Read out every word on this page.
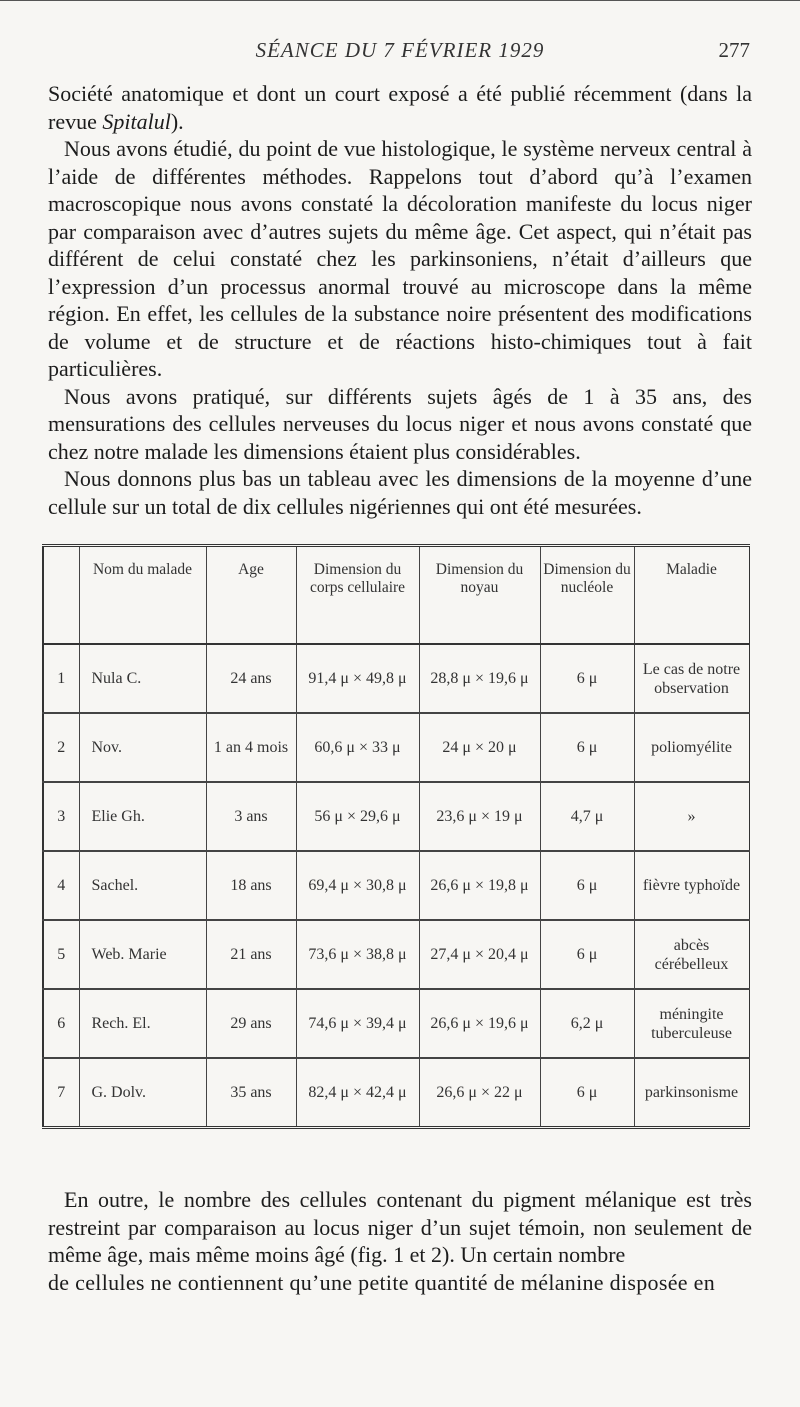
SÉANCE DU 7 FÉVRIER 1929	277

Société anatomique et dont un court exposé a été publié récemment (dans la revue Spitalul).

Nous avons étudié, du point de vue histologique, le système nerveux central à l’aide de différentes méthodes. Rappelons tout d’abord qu’à l’examen macroscopique nous avons constaté la décoloration manifeste du locus niger par comparaison avec d’autres sujets du même âge. Cet aspect, qui n’était pas différent de celui constaté chez les parkinsoniens, n’était d’ailleurs que l’expression d’un processus anormal trouvé au microscope dans la même région. En effet, les cellules de la substance noire présentent des modifications de volume et de structure et de réactions histo-chimiques tout à fait particulières.

Nous avons pratiqué, sur différents sujets âgés de 1 à 35 ans, des mensurations des cellules nerveuses du locus niger et nous avons constaté que chez notre malade les dimensions étaient plus considérables.

Nous donnons plus bas un tableau avec les dimensions de la moyenne d’une cellule sur un total de dix cellules nigériennes qui ont été mesurées.

	Nom du malade	Age	Dimension du corps cellulaire	Dimension du noyau	Dimension du nucléole	Maladie
1	Nula C.	24 ans	91,4 μ × 49,8 μ	28,8 μ × 19,6 μ	6 μ	Le cas de notre observation
2	Nov.	1 an 4 mois	60,6 μ × 33 μ	24 μ × 20 μ	6 μ	poliomyélite
3	Elie Gh.	3 ans	56 μ × 29,6 μ	23,6 μ × 19 μ	4,7 μ	»
4	Sachel.	18 ans	69,4 μ × 30,8 μ	26,6 μ × 19,8 μ	6 μ	fièvre typhoïde
5	Web. Marie	21 ans	73,6 μ × 38,8 μ	27,4 μ × 20,4 μ	6 μ	abcès cérébelleux
6	Rech. El.	29 ans	74,6 μ × 39,4 μ	26,6 μ × 19,6 μ	6,2 μ	méningite tuberculeuse
7	G. Dolv.	35 ans	82,4 μ × 42,4 μ	26,6 μ × 22 μ	6 μ	parkinsonisme

En outre, le nombre des cellules contenant du pigment mélanique est très restreint par comparaison au locus niger d’un sujet témoin, non seulement de même âge, mais même moins âgé (fig. 1 et 2). Un certain nombre

de cellules ne contiennent qu’une petite quantité de mélanine disposée en
